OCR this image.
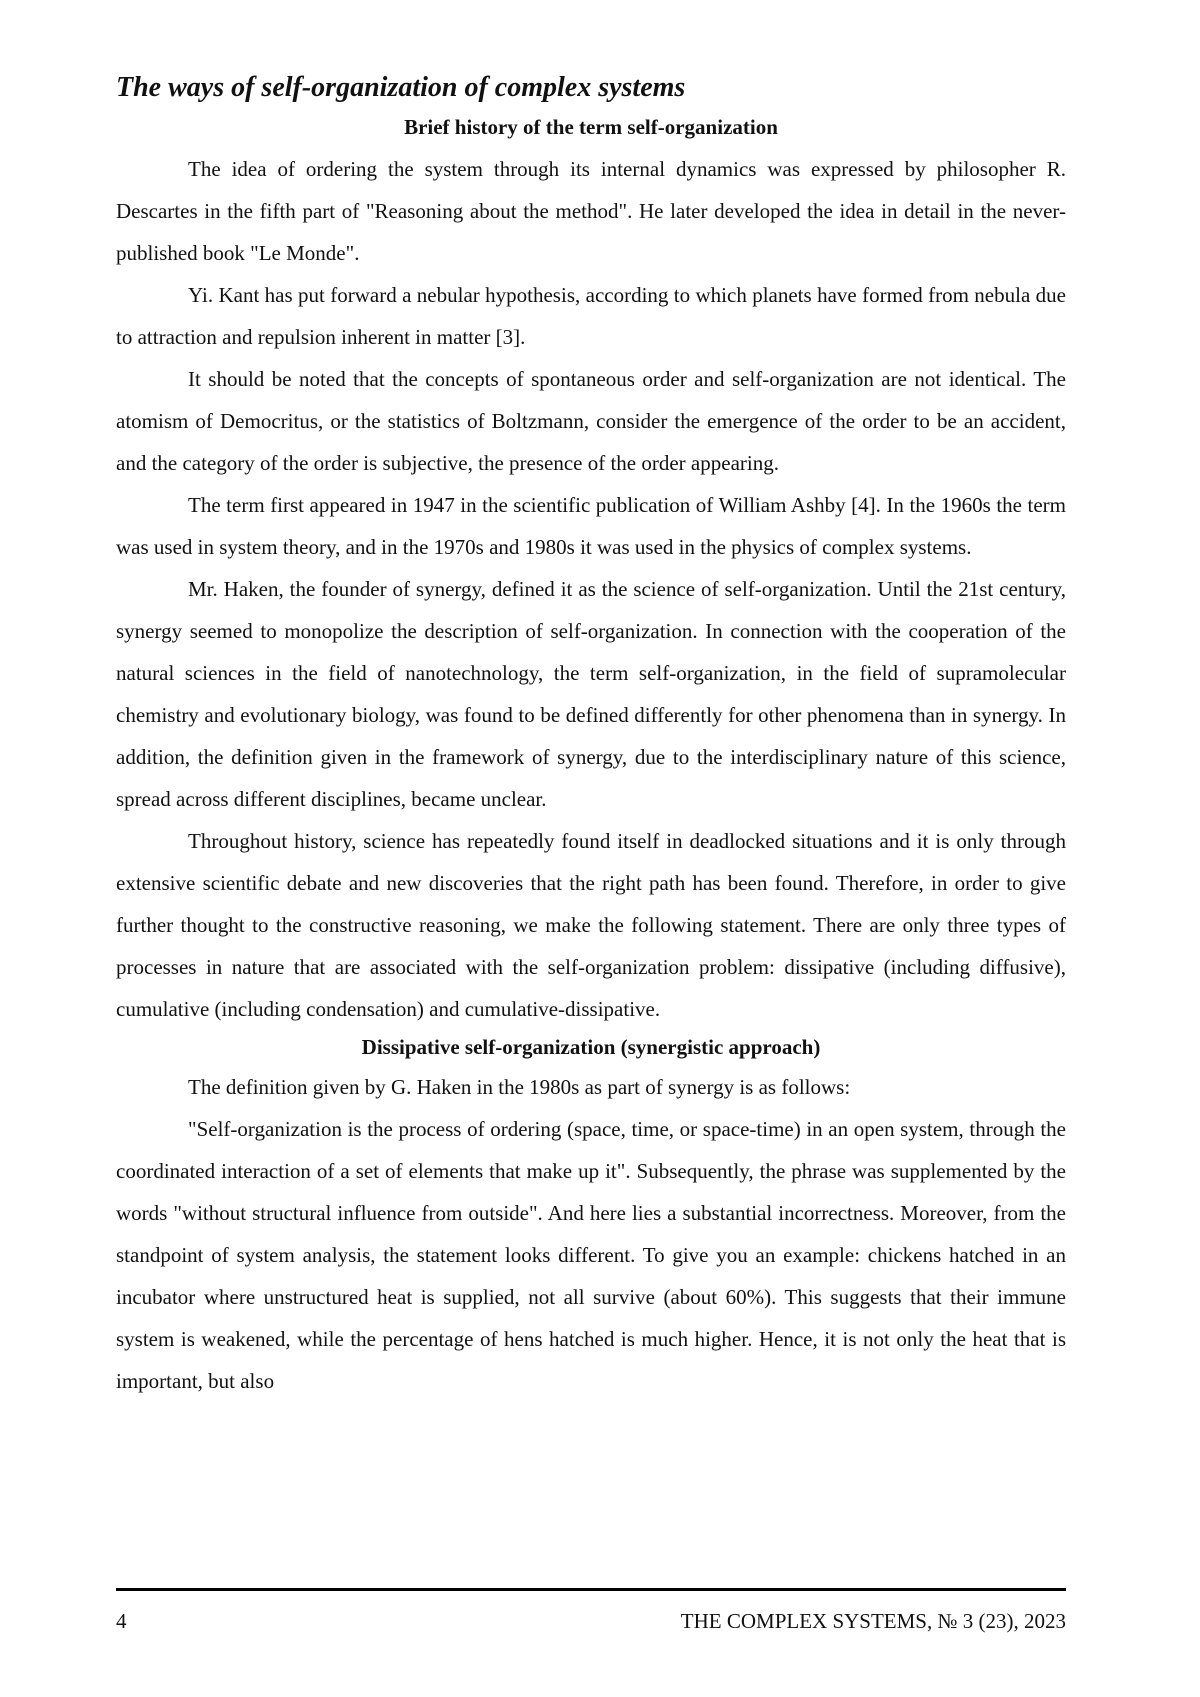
The ways of self-organization of complex systems
Brief history of the term self-organization

The idea of ordering the system through its internal dynamics was expressed by philosopher R. Descartes in the fifth part of "Reasoning about the method". He later developed the idea in detail in the never-published book "Le Monde".

Yi. Kant has put forward a nebular hypothesis, according to which planets have formed from nebula due to attraction and repulsion inherent in matter [3].

It should be noted that the concepts of spontaneous order and self-organization are not identical. The atomism of Democritus, or the statistics of Boltzmann, consider the emergence of the order to be an accident, and the category of the order is subjective, the presence of the order appearing.

The term first appeared in 1947 in the scientific publication of William Ashby [4]. In the 1960s the term was used in system theory, and in the 1970s and 1980s it was used in the physics of complex systems.

Mr. Haken, the founder of synergy, defined it as the science of self-organization. Until the 21st century, synergy seemed to monopolize the description of self-organization. In connection with the cooperation of the natural sciences in the field of nanotechnology, the term self-organization, in the field of supramolecular chemistry and evolutionary biology, was found to be defined differently for other phenomena than in synergy. In addition, the definition given in the framework of synergy, due to the interdisciplinary nature of this science, spread across different disciplines, became unclear.

Throughout history, science has repeatedly found itself in deadlocked situations and it is only through extensive scientific debate and new discoveries that the right path has been found. Therefore, in order to give further thought to the constructive reasoning, we make the following statement. There are only three types of processes in nature that are associated with the self-organization problem: dissipative (including diffusive), cumulative (including condensation) and cumulative-dissipative.

Dissipative self-organization (synergistic approach)

The definition given by G. Haken in the 1980s as part of synergy is as follows:

"Self-organization is the process of ordering (space, time, or space-time) in an open system, through the coordinated interaction of a set of elements that make up it". Subsequently, the phrase was supplemented by the words "without structural influence from outside". And here lies a substantial incorrectness. Moreover, from the standpoint of system analysis, the statement looks different. To give you an example: chickens hatched in an incubator where unstructured heat is supplied, not all survive (about 60%). This suggests that their immune system is weakened, while the percentage of hens hatched is much higher. Hence, it is not only the heat that is important, but also

4	THE COMPLEX SYSTEMS, № 3 (23), 2023
